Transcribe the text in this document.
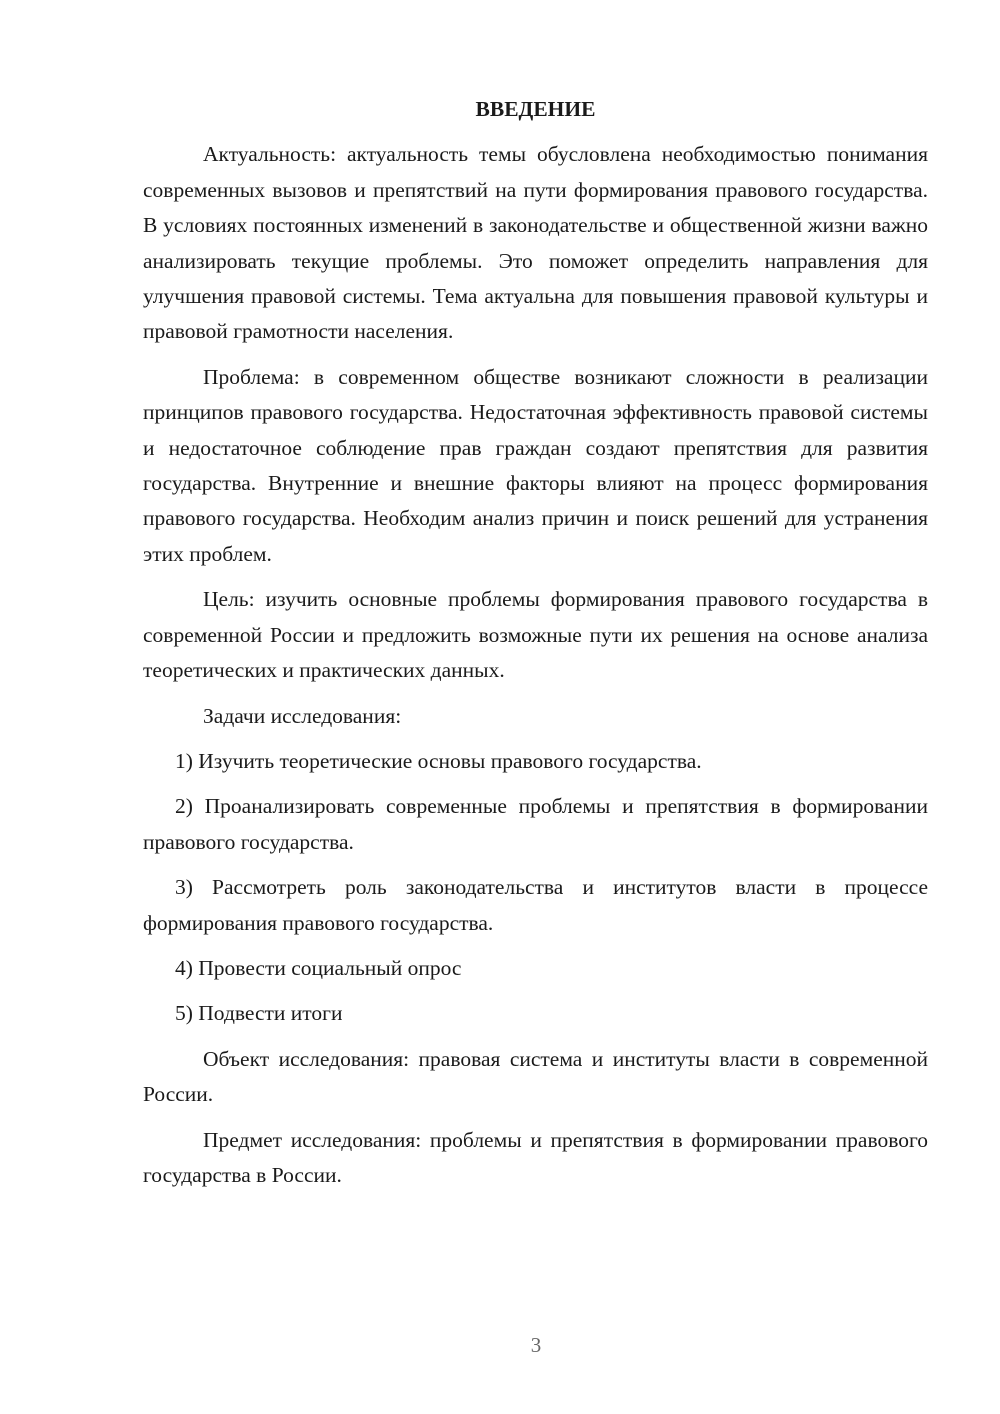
ВВЕДЕНИЕ

Актуальность: актуальность темы обусловлена необходимостью понимания современных вызовов и препятствий на пути формирования правового государства. В условиях постоянных изменений в законодательстве и общественной жизни важно анализировать текущие проблемы. Это поможет определить направления для улучшения правовой системы. Тема актуальна для повышения правовой культуры и правовой грамотности населения.

Проблема: в современном обществе возникают сложности в реализации принципов правового государства. Недостаточная эффективность правовой системы и недостаточное соблюдение прав граждан создают препятствия для развития государства. Внутренние и внешние факторы влияют на процесс формирования правового государства. Необходим анализ причин и поиск решений для устранения этих проблем.

Цель: изучить основные проблемы формирования правового государства в современной России и предложить возможные пути их решения на основе анализа теоретических и практических данных.

Задачи исследования:

1) Изучить теоретические основы правового государства.

2) Проанализировать современные проблемы и препятствия в формировании правового государства.

3) Рассмотреть роль законодательства и институтов власти в процессе формирования правового государства.

4) Провести социальный опрос

5) Подвести итоги

Объект исследования: правовая система и институты власти в современной России.

Предмет исследования: проблемы и препятствия в формировании правового государства в России.

3
